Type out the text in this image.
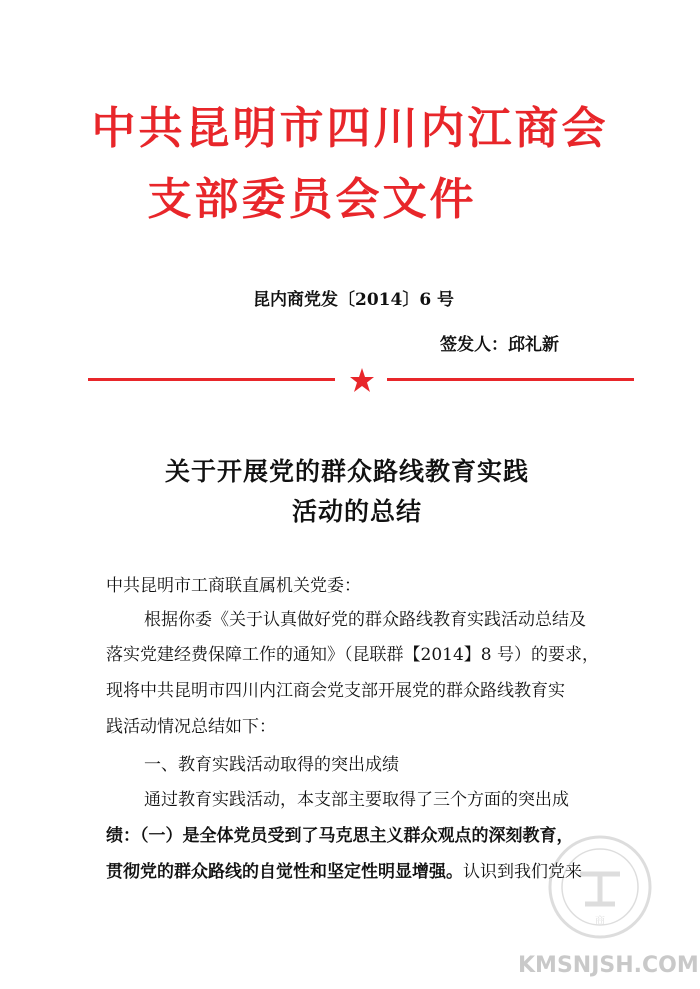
中共昆明市四川内江商会
支部委员会文件
昆内商党发〔2014〕6 号
签发人：邱礼新
关于开展党的群众路线教育实践
活动的总结
中共昆明市工商联直属机关党委：
根据你委《关于认真做好党的群众路线教育实践活动总结及
落实党建经费保障工作的通知》（昆联群【2014】8 号）的要求，
现将中共昆明市四川内江商会党支部开展党的群众路线教育实
践活动情况总结如下：
一、教育实践活动取得的突出成绩
通过教育实践活动，本支部主要取得了三个方面的突出成
绩：（一）是全体党员受到了马克思主义群众观点的深刻教育，
贯彻党的群众路线的自觉性和坚定性明显增强。认识到我们党来
商
KMSNJSH.COM
